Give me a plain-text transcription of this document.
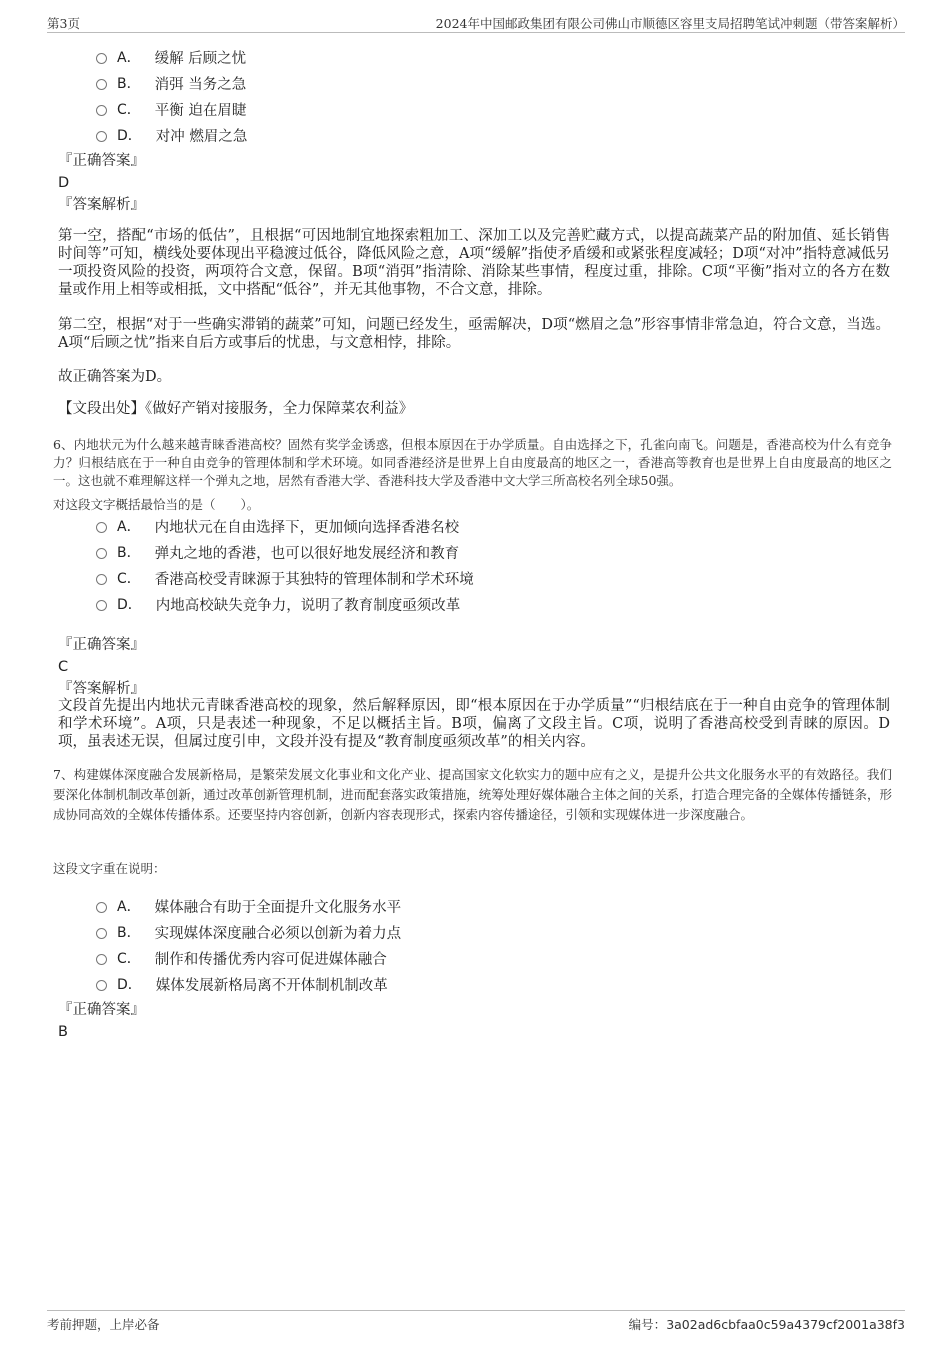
第3页	2024年中国邮政集团有限公司佛山市顺德区容里支局招聘笔试冲刺题（带答案解析）
A． 缓解 后顾之忧
B． 消弭 当务之急
C． 平衡 迫在眉睫
D． 对冲 燃眉之急
『正确答案』
D
『答案解析』
第一空，搭配“市场的低估”，且根据“可因地制宜地探索粗加工、深加工以及完善贮藏方式，以提高蔬菜产品的附加值、延长销售时间等”可知，横线处要体现出平稳渡过低谷，降低风险之意，A项“缓解”指使矛盾缓和或紧张程度减轻；D项“对冲”指特意减低另一项投资风险的投资，两项符合文意，保留。B项“消弭”指清除、消除某些事情，程度过重，排除。C项“平衡”指对立的各方在数量或作用上相等或相抵，文中搭配“低谷”，并无其他事物，不合文意，排除。
第二空，根据“对于一些确实滞销的蔬菜”可知，问题已经发生，亟需解决，D项“燃眉之急”形容事情非常急迫，符合文意，当选。A项“后顾之忧”指来自后方或事后的忧患，与文意相悖，排除。
故正确答案为D。
【文段出处】《做好产销对接服务，全力保障菜农利益》
6、内地状元为什么越来越青睐香港高校？固然有奖学金诱惑，但根本原因在于办学质量。自由选择之下，孔雀向南飞。问题是，香港高校为什么有竞争力？归根结底在于一种自由竞争的管理体制和学术环境。如同香港经济是世界上自由度最高的地区之一，香港高等教育也是世界上自由度最高的地区之一。这也就不难理解这样一个弹丸之地，居然有香港大学、香港科技大学及香港中文大学三所高校名列全球50强。
对这段文字概括最恰当的是（　　）。
A． 内地状元在自由选择下，更加倾向选择香港名校
B． 弹丸之地的香港，也可以很好地发展经济和教育
C． 香港高校受青睐源于其独特的管理体制和学术环境
D． 内地高校缺失竞争力，说明了教育制度亟须改革
『正确答案』
C
『答案解析』
文段首先提出内地状元青睐香港高校的现象，然后解释原因，即“根本原因在于办学质量”“归根结底在于一种自由竞争的管理体制和学术环境”。A项，只是表述一种现象，不足以概括主旨。B项，偏离了文段主旨。C项，说明了香港高校受到青睐的原因。D项，虽表述无误，但属过度引申，文段并没有提及“教育制度亟须改革”的相关内容。
7、构建媒体深度融合发展新格局，是繁荣发展文化事业和文化产业、提高国家文化软实力的题中应有之义，是提升公共文化服务水平的有效路径。我们要深化体制机制改革创新，通过改革创新管理机制，进而配套落实政策措施，统筹处理好媒体融合主体之间的关系，打造合理完备的全媒体传播链条，形成协同高效的全媒体传播体系。还要坚持内容创新，创新内容表现形式，探索内容传播途径，引领和实现媒体进一步深度融合。
这段文字重在说明：
A． 媒体融合有助于全面提升文化服务水平
B． 实现媒体深度融合必须以创新为着力点
C． 制作和传播优秀内容可促进媒体融合
D． 媒体发展新格局离不开体制机制改革
『正确答案』
B
考前押题，上岸必备	编号：3a02ad6cbfaa0c59a4379cf2001a38f3
